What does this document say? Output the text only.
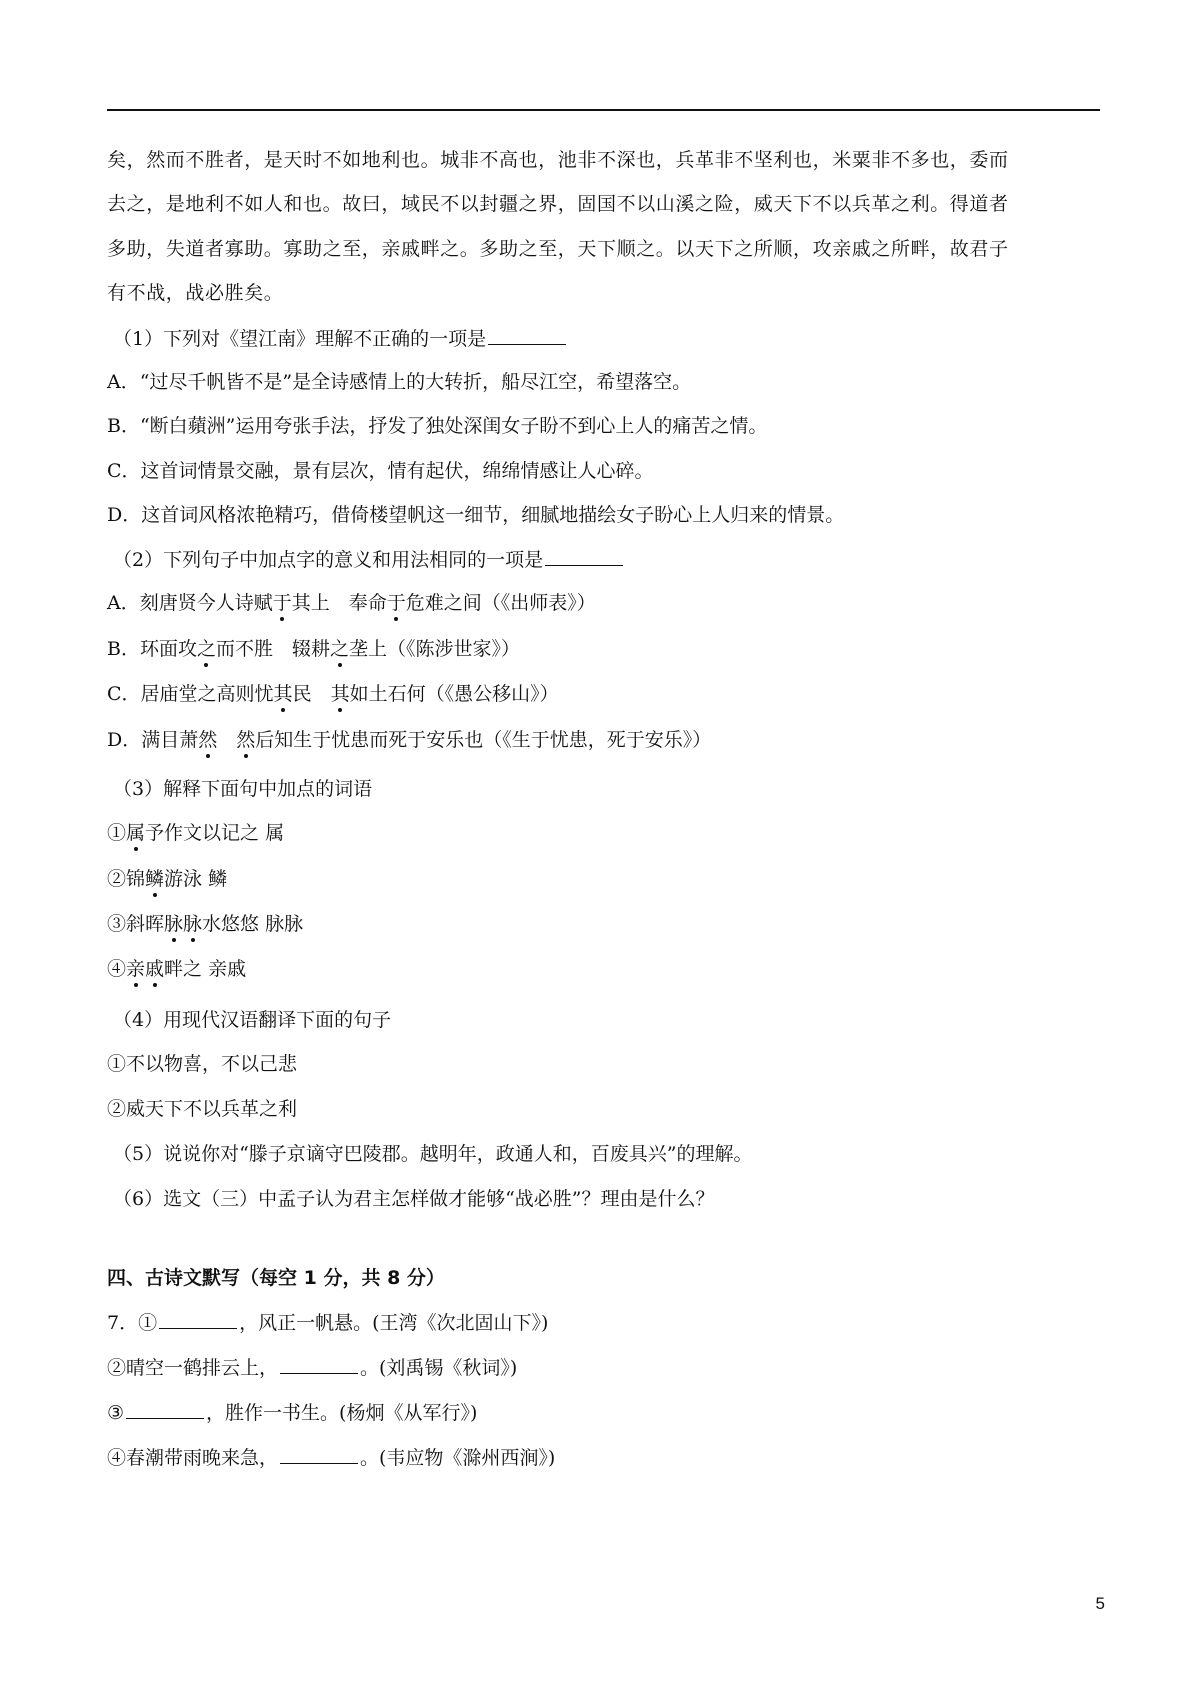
矣，然而不胜者，是天时不如地利也。城非不高也，池非不深也，兵革非不坚利也，米粟非不多也，委而
去之，是地利不如人和也。故曰，域民不以封疆之界，固国不以山溪之险，威天下不以兵革之利。得道者
多助，失道者寡助。寡助之至，亲戚畔之。多助之至，天下顺之。以天下之所顺，攻亲戚之所畔，故君子
有不战，战必胜矣。
（1）下列对《望江南》理解不正确的一项是
A．“过尽千帆皆不是”是全诗感情上的大转折，船尽江空，希望落空。
B．“断白蘋洲”运用夸张手法，抒发了独处深闺女子盼不到心上人的痛苦之情。
C．这首词情景交融，景有层次，情有起伏，绵绵情感让人心碎。
D．这首词风格浓艳精巧，借倚楼望帆这一细节，细腻地描绘女子盼心上人归来的情景。
（2）下列句子中加点字的意义和用法相同的一项是
A．刻唐贤今人诗赋于其上　奉命于危难之间（《出师表》）
B．环面攻之而不胜　辍耕之垄上（《陈涉世家》）
C．居庙堂之高则忧其民　其如土石何（《愚公移山》）
D．满目萧然　 然后知生于忧患而死于安乐也（《生于忧患，死于安乐》）
（3）解释下面句中加点的词语
①属予作文以记之 属
②锦鳞游泳 鳞
③斜晖脉脉水悠悠 脉脉
④亲戚畔之 亲戚
（4）用现代汉语翻译下面的句子
①不以物喜，不以己悲
②威天下不以兵革之利
（5）说说你对“滕子京谪守巴陵郡。越明年，政通人和，百废具兴”的理解。
（6）选文（三）中孟子认为君主怎样做才能够“战必胜”？理由是什么？
四、古诗文默写（每空 1 分，共 8 分）
7．①	，风正一帆悬。(王湾《次北固山下》)
②晴空一鹤排云上，	。(刘禹锡《秋词》)
③	，胜作一书生。(杨炯《从军行》)
④春潮带雨晚来急，	。(韦应物《滁州西涧》)
5
